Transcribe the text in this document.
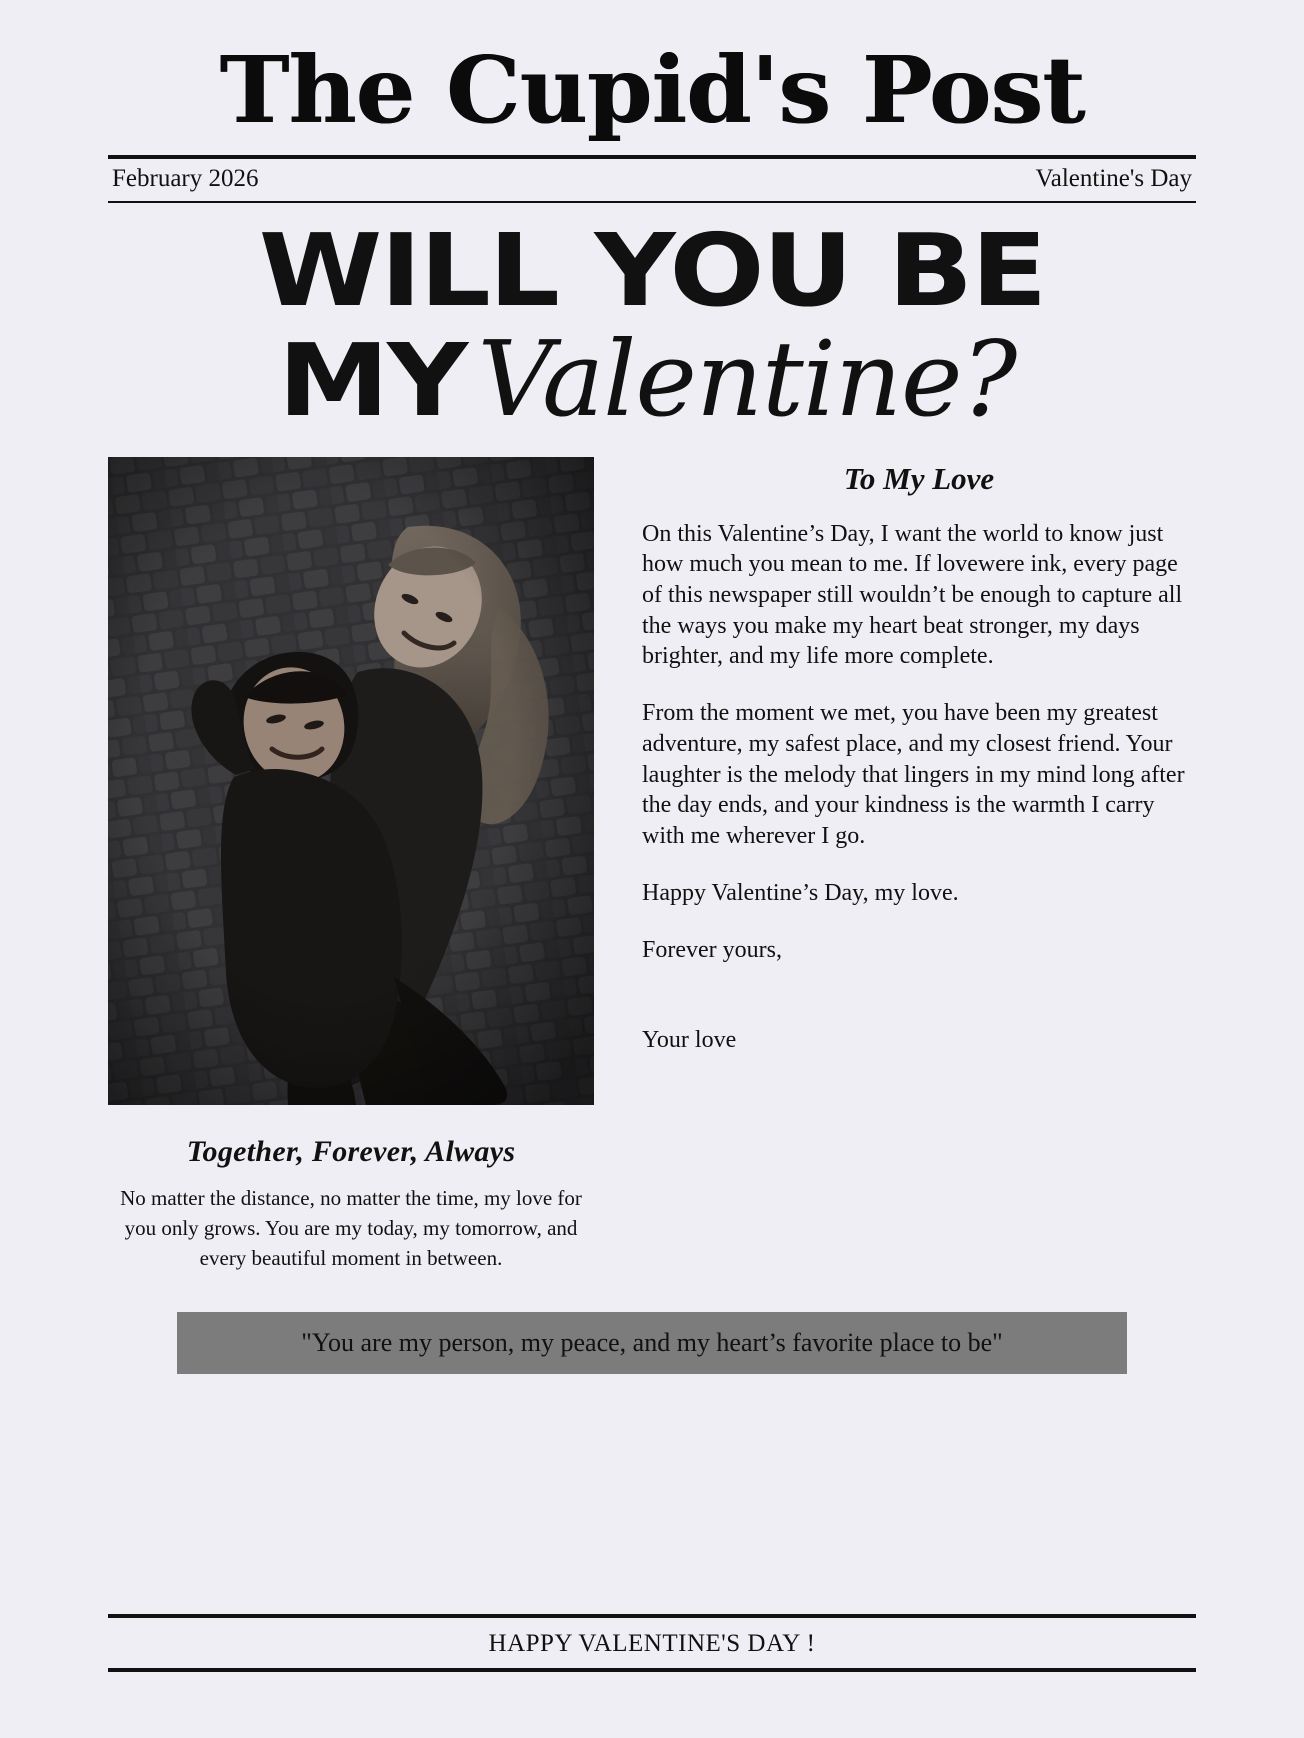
The Cupid's Post
February 2026	Valentine's Day
WILL YOU BE
MY Valentine?
Together, Forever, Always
No matter the distance, no matter the time, my love for you only grows. You are my today, my tomorrow, and every beautiful moment in between.
To My Love

On this Valentine’s Day, I want the world to know just how much you mean to me. If lovewere ink, every page of this newspaper still wouldn’t be enough to capture all the ways you make my heart beat stronger, my days brighter, and my life more complete.

From the moment we met, you have been my greatest adventure, my safest place, and my closest friend. Your laughter is the melody that lingers in my mind long after the day ends, and your kindness is the warmth I carry with me wherever I go.

Happy Valentine’s Day, my love.

Forever yours,

Your love

"You are my person, my peace, and my heart’s favorite place to be"
HAPPY VALENTINE'S DAY !
